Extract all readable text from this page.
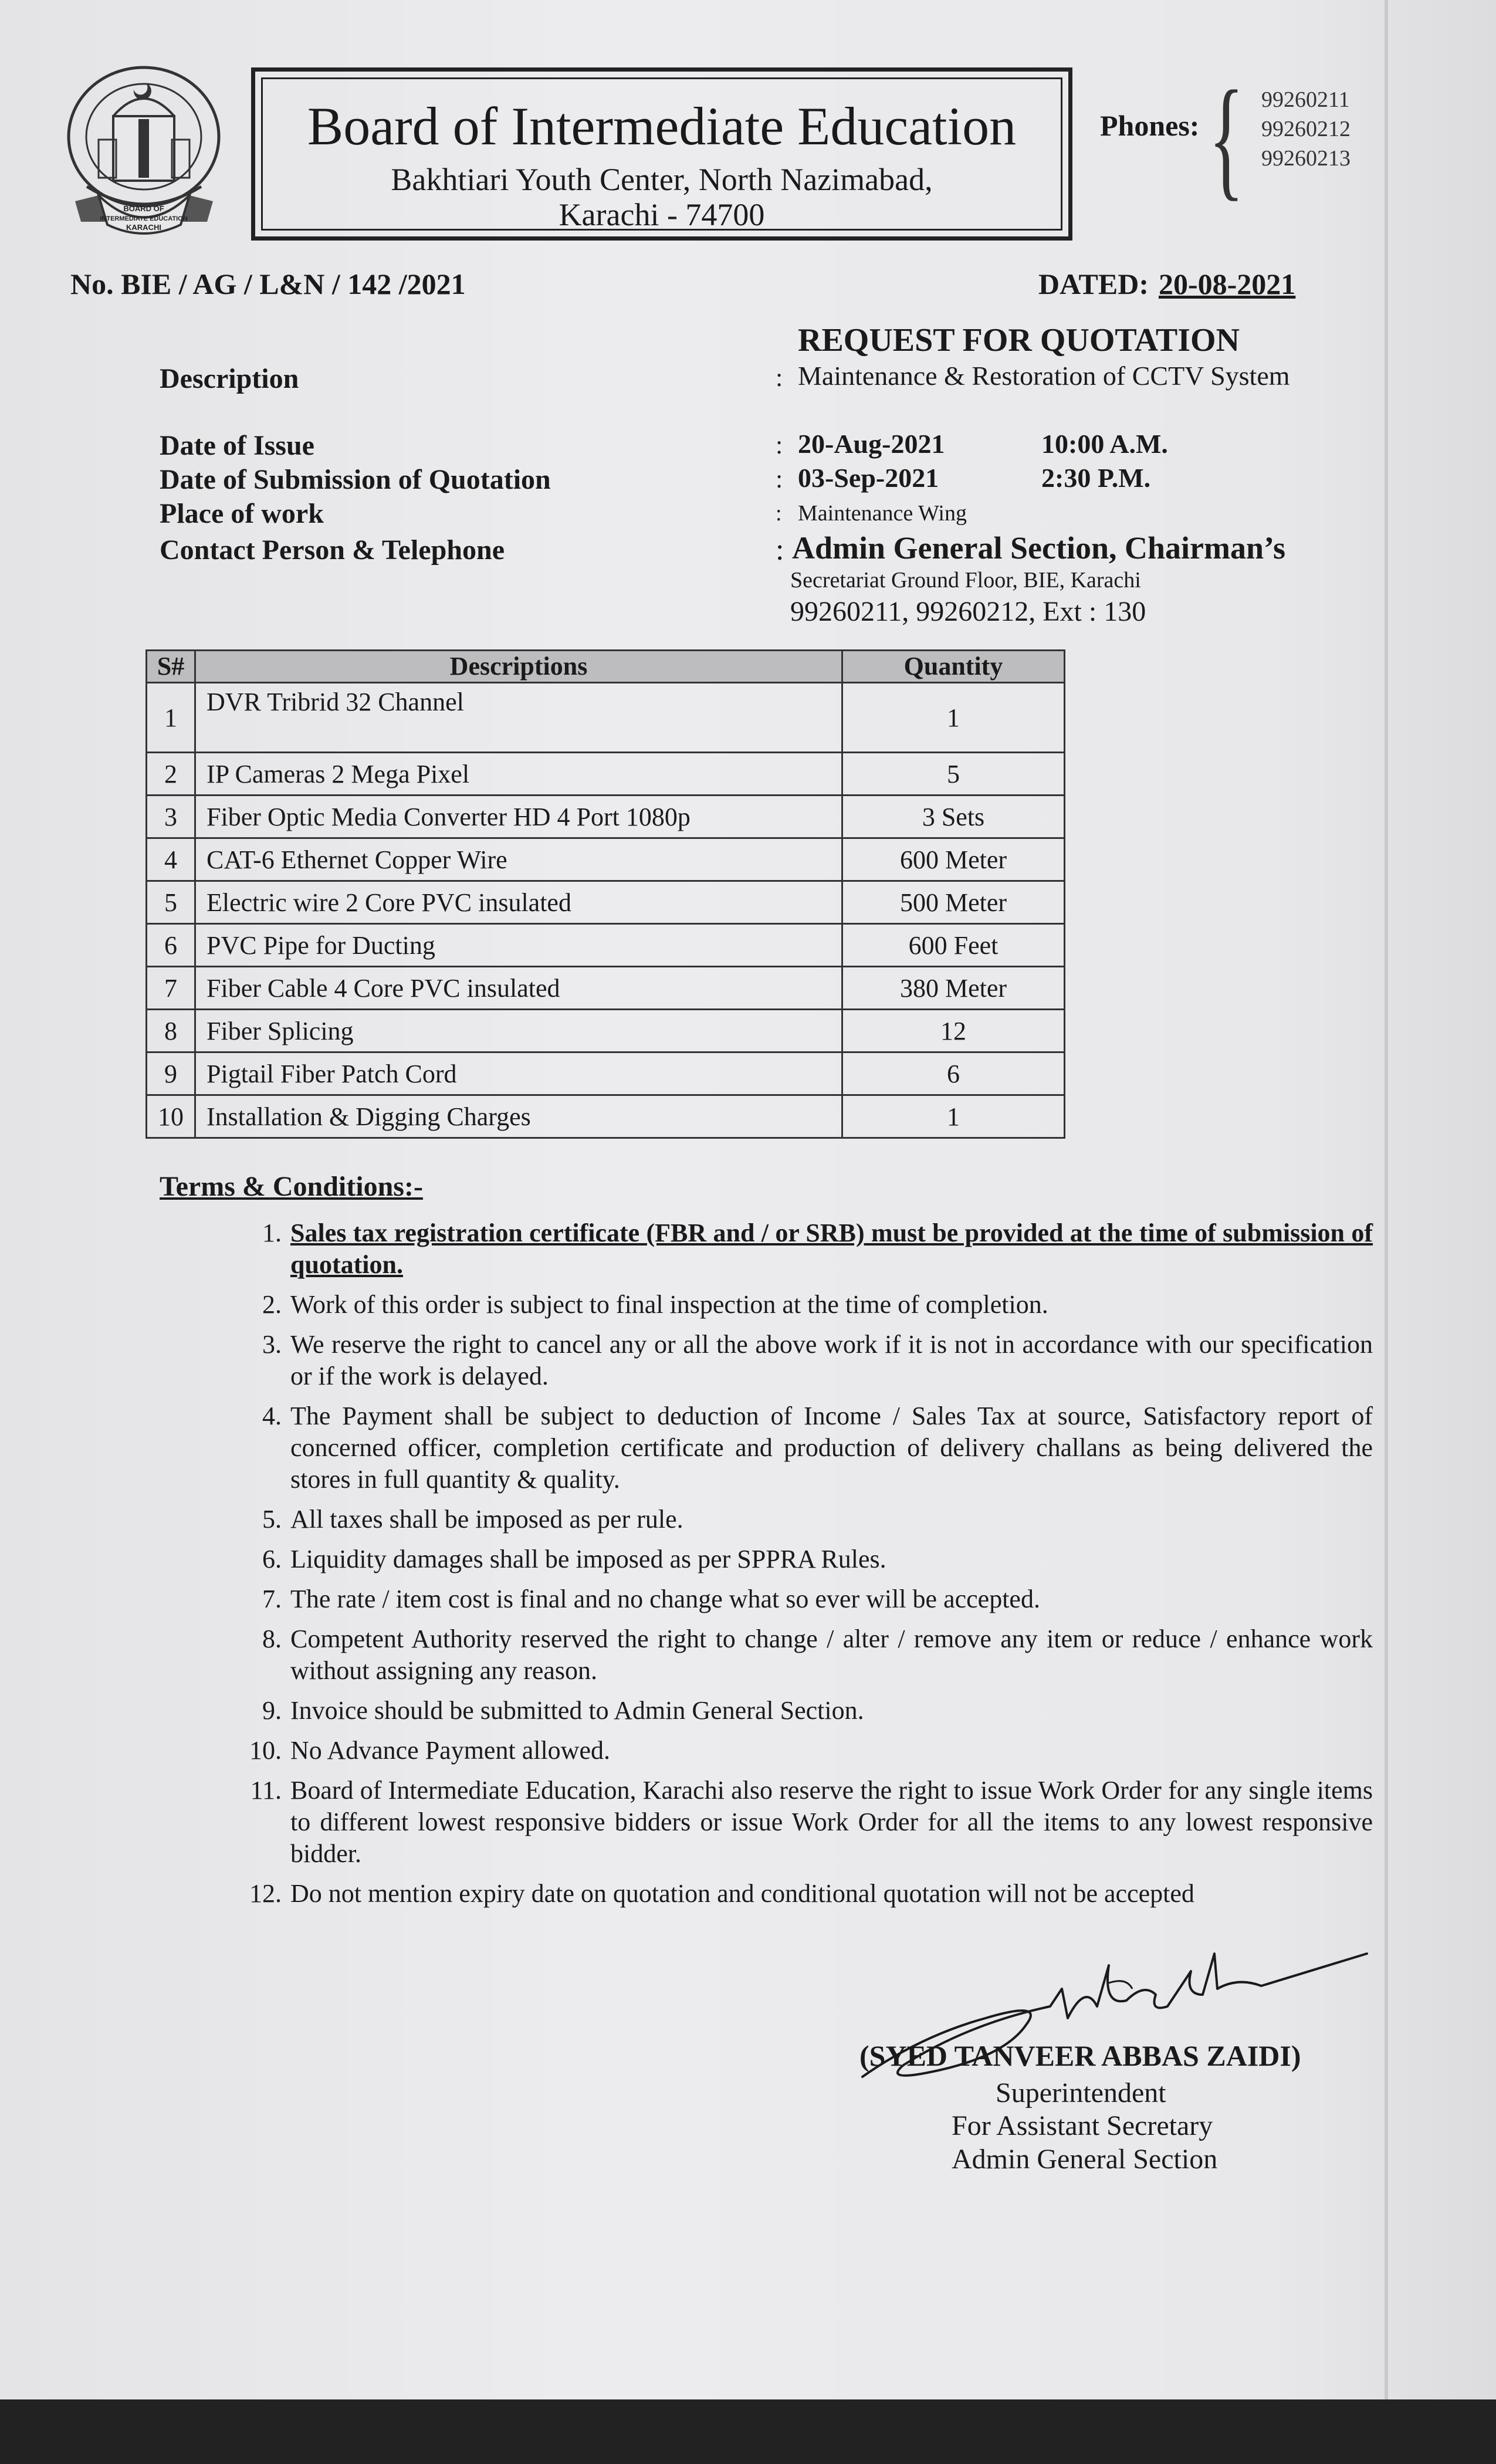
BOARD OF
INTERMEDIATE EDUCATION
KARACHI
Board of Intermediate Education
Bakhtiari Youth Center, North Nazimabad,
Karachi - 74700
Phones: { 99260211
99260212
99260213
No. BIE / AG / L&N / 142 /2021	DATED: 20-08-2021
REQUEST FOR QUOTATION
Description	: Maintenance & Restoration of CCTV System
Date of Issue	: 20-Aug-2021	10:00 A.M.
Date of Submission of Quotation	: 03-Sep-2021	2:30 P.M.
Place of work	: Maintenance Wing
Contact Person & Telephone	: Admin General Section, Chairman’s
Secretariat Ground Floor, BIE, Karachi
99260211, 99260212, Ext : 130
S#	Descriptions	Quantity
1	DVR Tribrid 32 Channel	1
2	IP Cameras 2 Mega Pixel	5
3	Fiber Optic Media Converter HD 4 Port 1080p	3 Sets
4	CAT-6 Ethernet Copper Wire	600 Meter
5	Electric wire 2 Core PVC insulated	500 Meter
6	PVC Pipe for Ducting	600 Feet
7	Fiber Cable 4 Core PVC insulated	380 Meter
8	Fiber Splicing	12
9	Pigtail Fiber Patch Cord	6
10	Installation & Digging Charges	1
Terms & Conditions:-
1. Sales tax registration certificate (FBR and / or SRB) must be provided at the time of submission of quotation.
2. Work of this order is subject to final inspection at the time of completion.
3. We reserve the right to cancel any or all the above work if it is not in accordance with our specification or if the work is delayed.
4. The Payment shall be subject to deduction of Income / Sales Tax at source, Satisfactory report of concerned officer, completion certificate and production of delivery challans as being delivered the stores in full quantity & quality.
5. All taxes shall be imposed as per rule.
6. Liquidity damages shall be imposed as per SPPRA Rules.
7. The rate / item cost is final and no change what so ever will be accepted.
8. Competent Authority reserved the right to change / alter / remove any item or reduce / enhance work without assigning any reason.
9. Invoice should be submitted to Admin General Section.
10. No Advance Payment allowed.
11. Board of Intermediate Education, Karachi also reserve the right to issue Work Order for any single items to different lowest responsive bidders or issue Work Order for all the items to any lowest responsive bidder.
12. Do not mention expiry date on quotation and conditional quotation will not be accepted
(SYED TANVEER ABBAS ZAIDI)
Superintendent
For Assistant Secretary
Admin General Section
